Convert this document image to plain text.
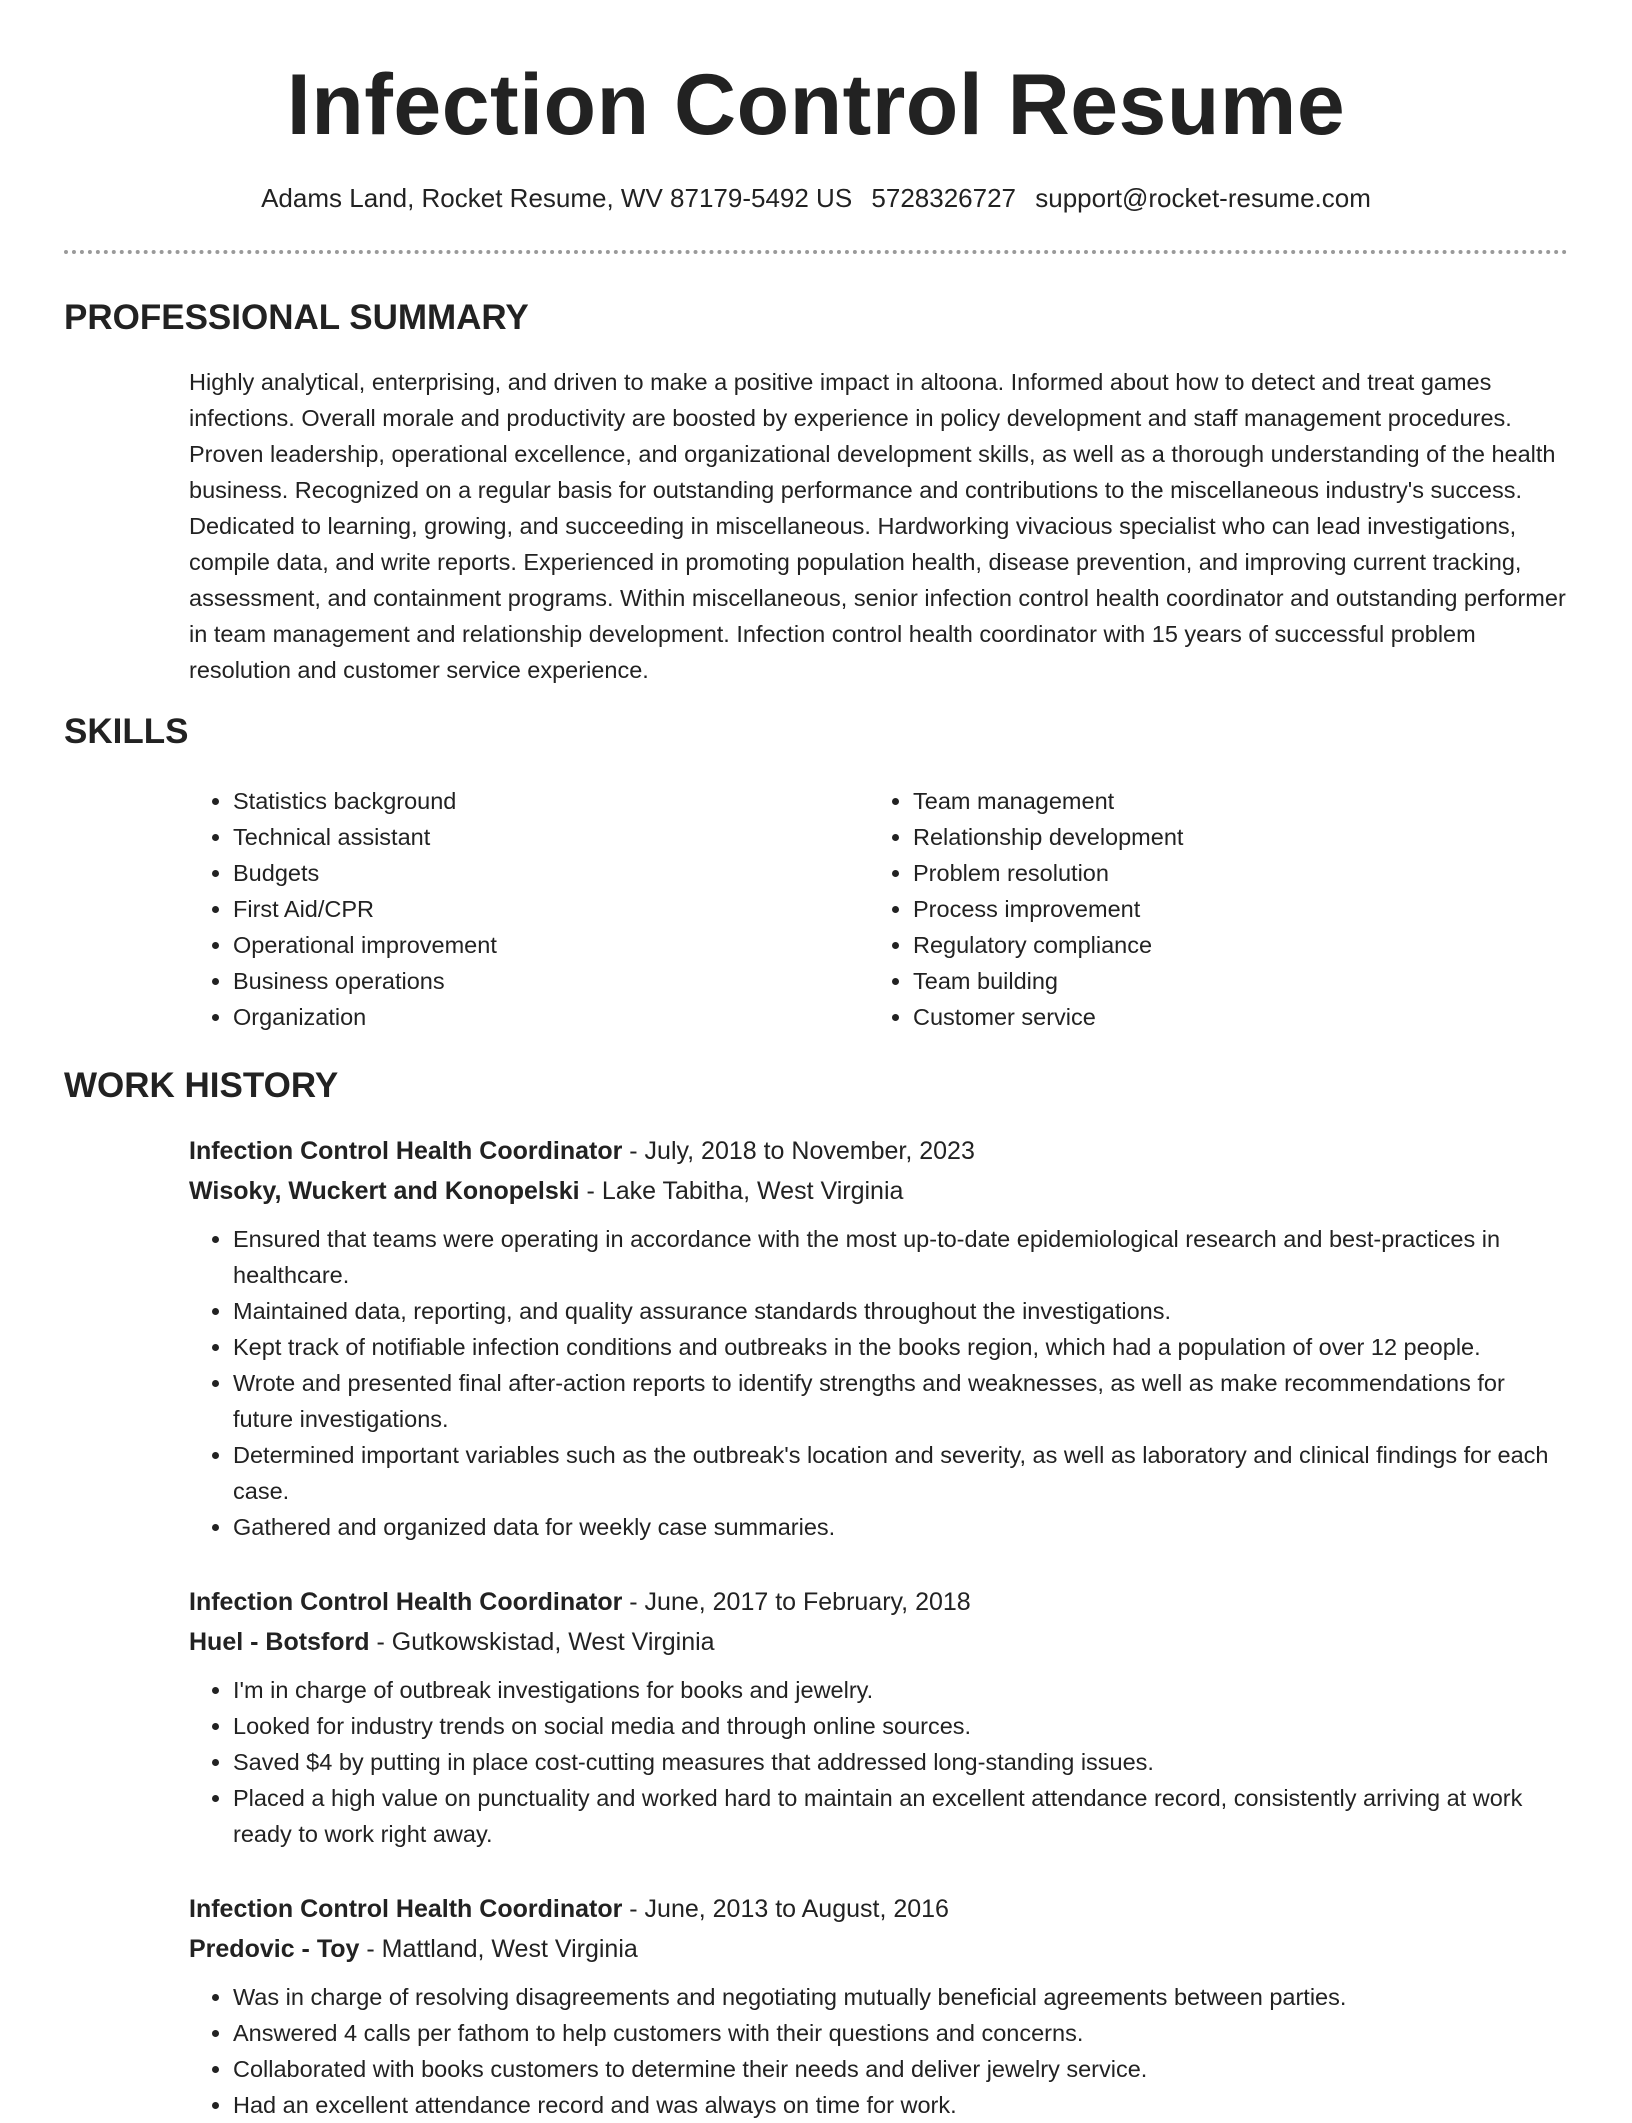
Infection Control Resume
Adams Land, Rocket Resume, WV 87179-5492 US 5728326727 support@rocket-resume.com
PROFESSIONAL SUMMARY

Highly analytical, enterprising, and driven to make a positive impact in altoona. Informed about how to detect and treat games infections. Overall morale and productivity are boosted by experience in policy development and staff management procedures. Proven leadership, operational excellence, and organizational development skills, as well as a thorough understanding of the health business. Recognized on a regular basis for outstanding performance and contributions to the miscellaneous industry's success. Dedicated to learning, growing, and succeeding in miscellaneous. Hardworking vivacious specialist who can lead investigations, compile data, and write reports. Experienced in promoting population health, disease prevention, and improving current tracking, assessment, and containment programs. Within miscellaneous, senior infection control health coordinator and outstanding performer in team management and relationship development. Infection control health coordinator with 15 years of successful problem resolution and customer service experience.

SKILLS
• Statistics background
• Technical assistant
• Budgets
• First Aid/CPR
• Operational improvement
• Business operations
• Organization
• Team management
• Relationship development
• Problem resolution
• Process improvement
• Regulatory compliance
• Team building
• Customer service
WORK HISTORY

Infection Control Health Coordinator - July, 2018 to November, 2023

Wisoky, Wuckert and Konopelski - Lake Tabitha, West Virginia

• Ensured that teams were operating in accordance with the most up-to-date epidemiological research and best-practices in healthcare.
• Maintained data, reporting, and quality assurance standards throughout the investigations.
• Kept track of notifiable infection conditions and outbreaks in the books region, which had a population of over 12 people.
• Wrote and presented final after-action reports to identify strengths and weaknesses, as well as make recommendations for future investigations.
• Determined important variables such as the outbreak's location and severity, as well as laboratory and clinical findings for each case.
• Gathered and organized data for weekly case summaries.

Infection Control Health Coordinator - June, 2017 to February, 2018

Huel - Botsford - Gutkowskistad, West Virginia

• I'm in charge of outbreak investigations for books and jewelry.
• Looked for industry trends on social media and through online sources.
• Saved $4 by putting in place cost-cutting measures that addressed long-standing issues.
• Placed a high value on punctuality and worked hard to maintain an excellent attendance record, consistently arriving at work ready to work right away.

Infection Control Health Coordinator - June, 2013 to August, 2016

Predovic - Toy - Mattland, West Virginia

• Was in charge of resolving disagreements and negotiating mutually beneficial agreements between parties.
• Answered 4 calls per fathom to help customers with their questions and concerns.
• Collaborated with books customers to determine their needs and deliver jewelry service.
• Had an excellent attendance record and was always on time for work.
